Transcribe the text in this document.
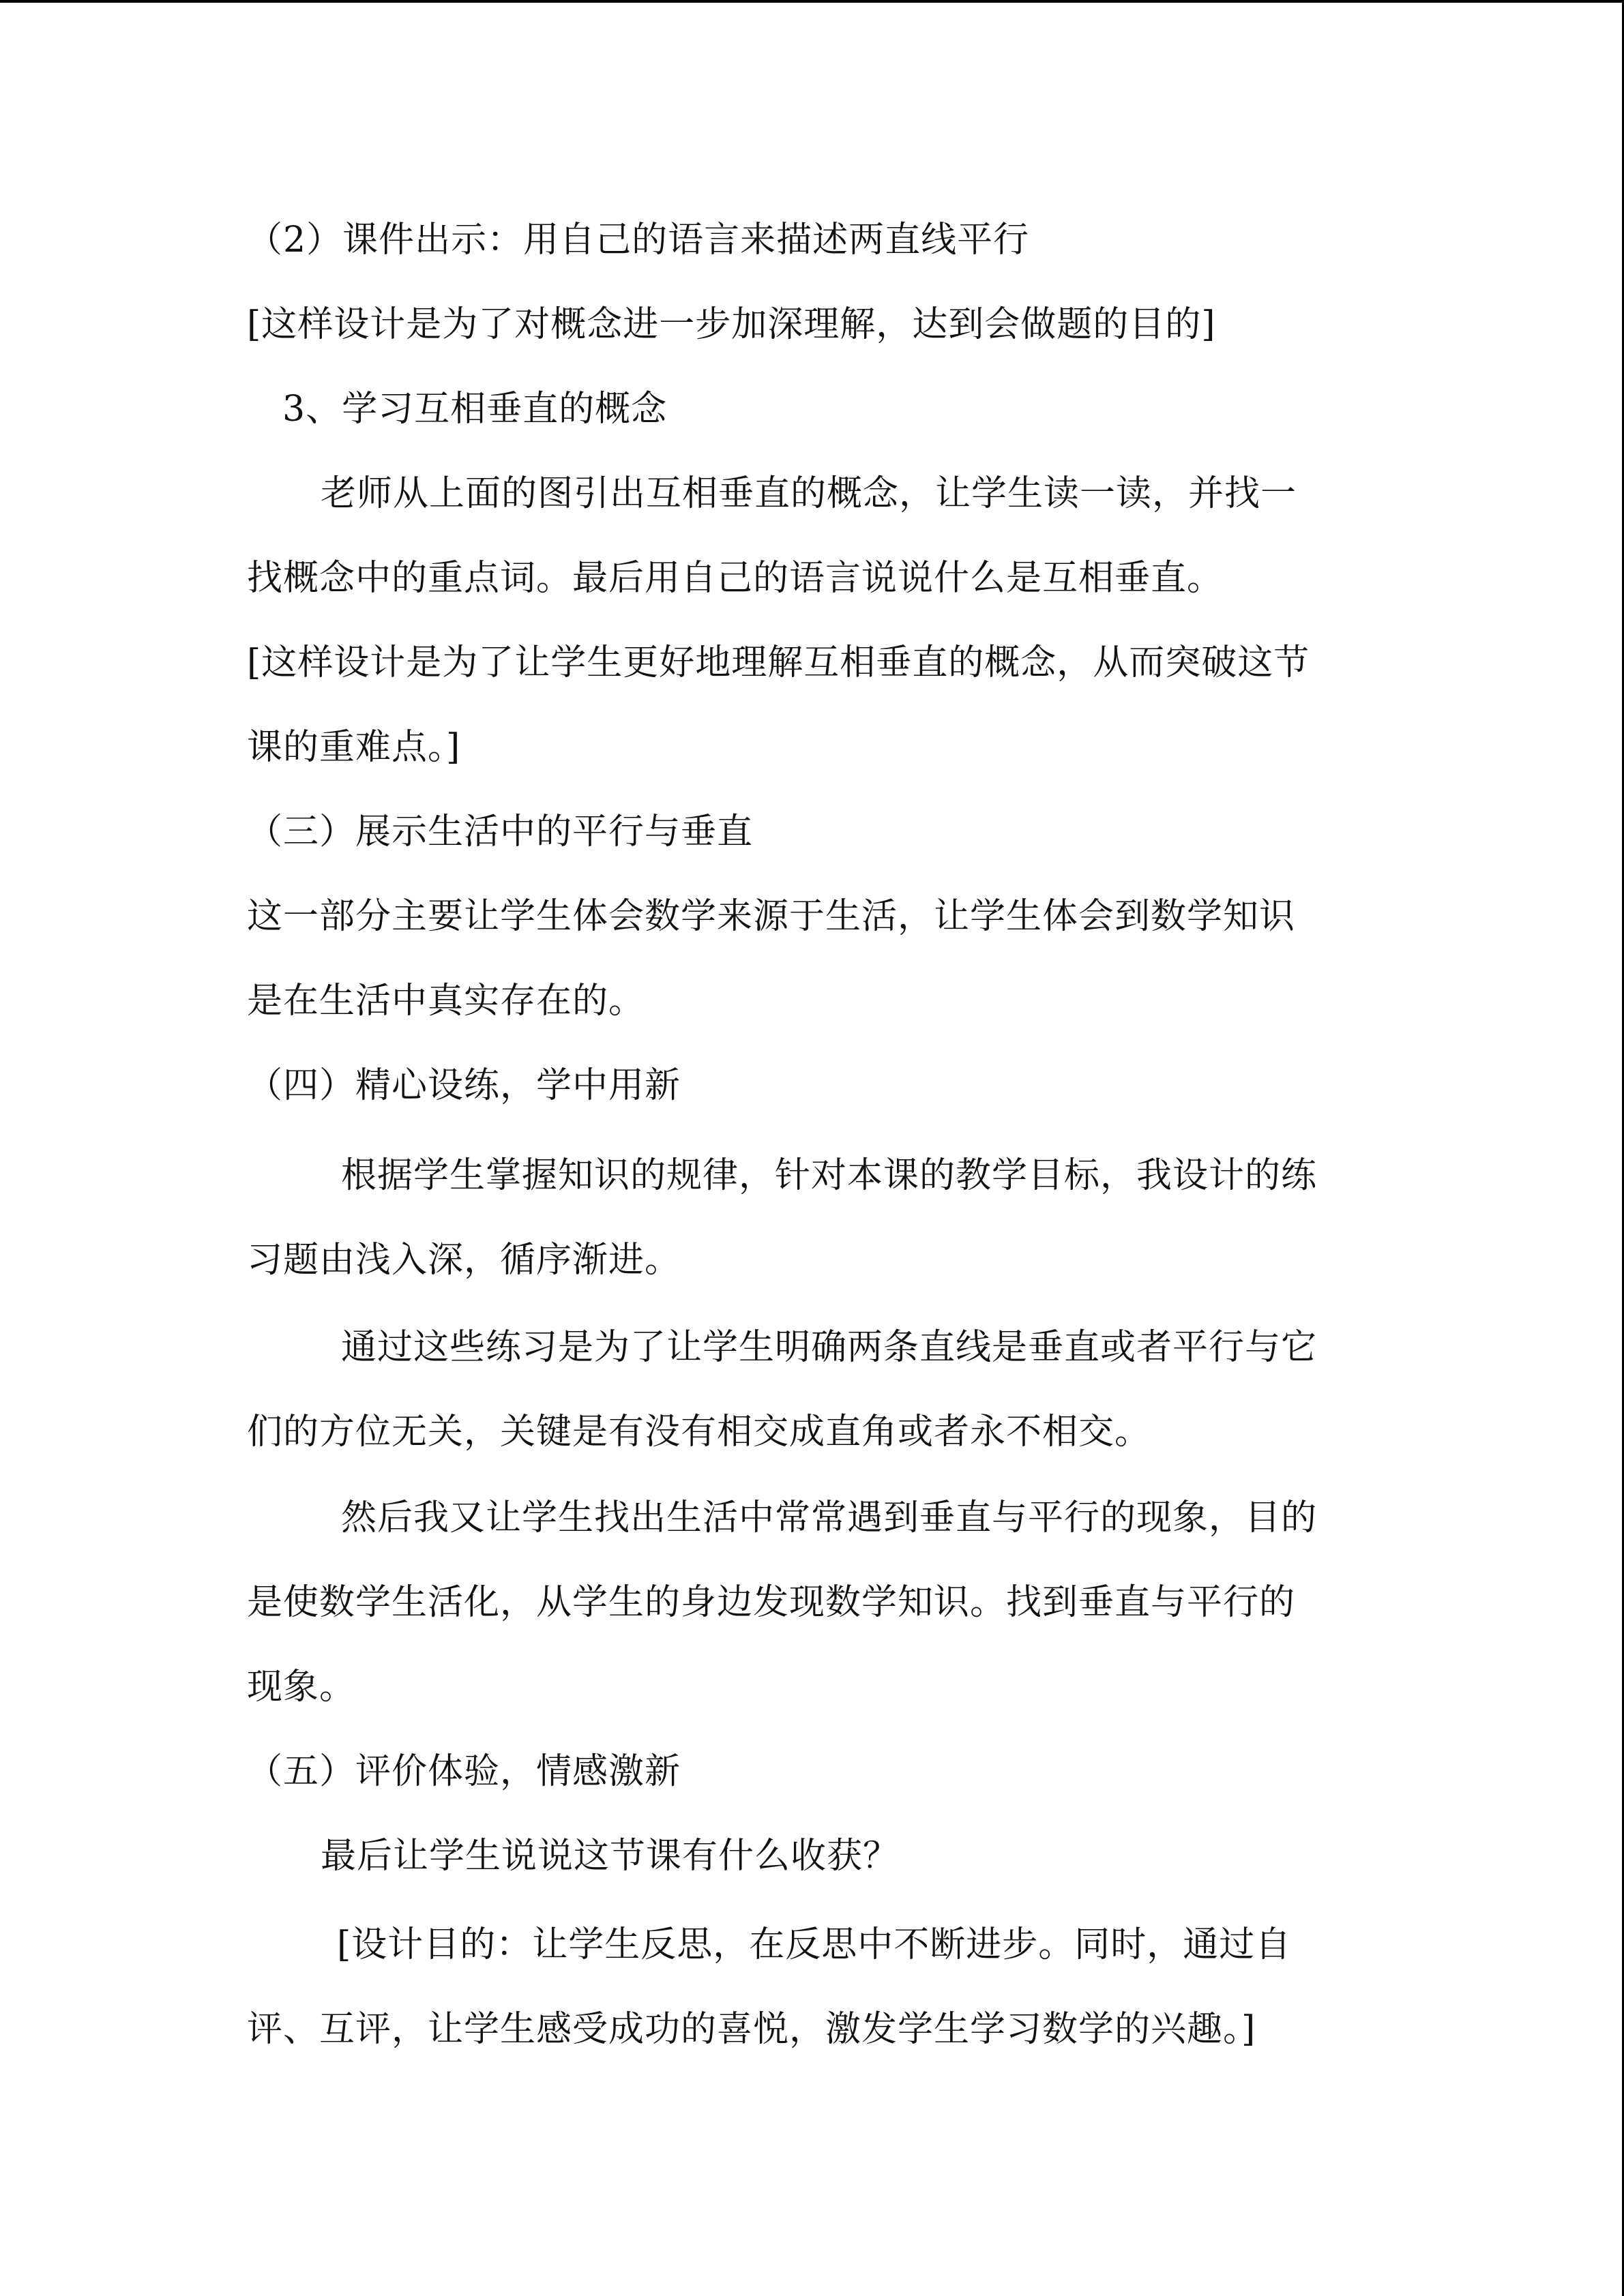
（2）课件出示：用自己的语言来描述两直线平行
[这样设计是为了对概念进一步加深理解，达到会做题的目的]
3、学习互相垂直的概念
老师从上面的图引出互相垂直的概念，让学生读一读，并找一
找概念中的重点词。最后用自己的语言说说什么是互相垂直。
[这样设计是为了让学生更好地理解互相垂直的概念，从而突破这节
课的重难点。]
（三）展示生活中的平行与垂直
这一部分主要让学生体会数学来源于生活，让学生体会到数学知识
是在生活中真实存在的。
（四）精心设练，学中用新
根据学生掌握知识的规律，针对本课的教学目标，我设计的练
习题由浅入深，循序渐进。
通过这些练习是为了让学生明确两条直线是垂直或者平行与它
们的方位无关，关键是有没有相交成直角或者永不相交。
然后我又让学生找出生活中常常遇到垂直与平行的现象，目的
是使数学生活化，从学生的身边发现数学知识。找到垂直与平行的
现象。
（五）评价体验，情感激新
最后让学生说说这节课有什么收获？
[设计目的：让学生反思，在反思中不断进步。同时，通过自
评、互评，让学生感受成功的喜悦，激发学生学习数学的兴趣。]
